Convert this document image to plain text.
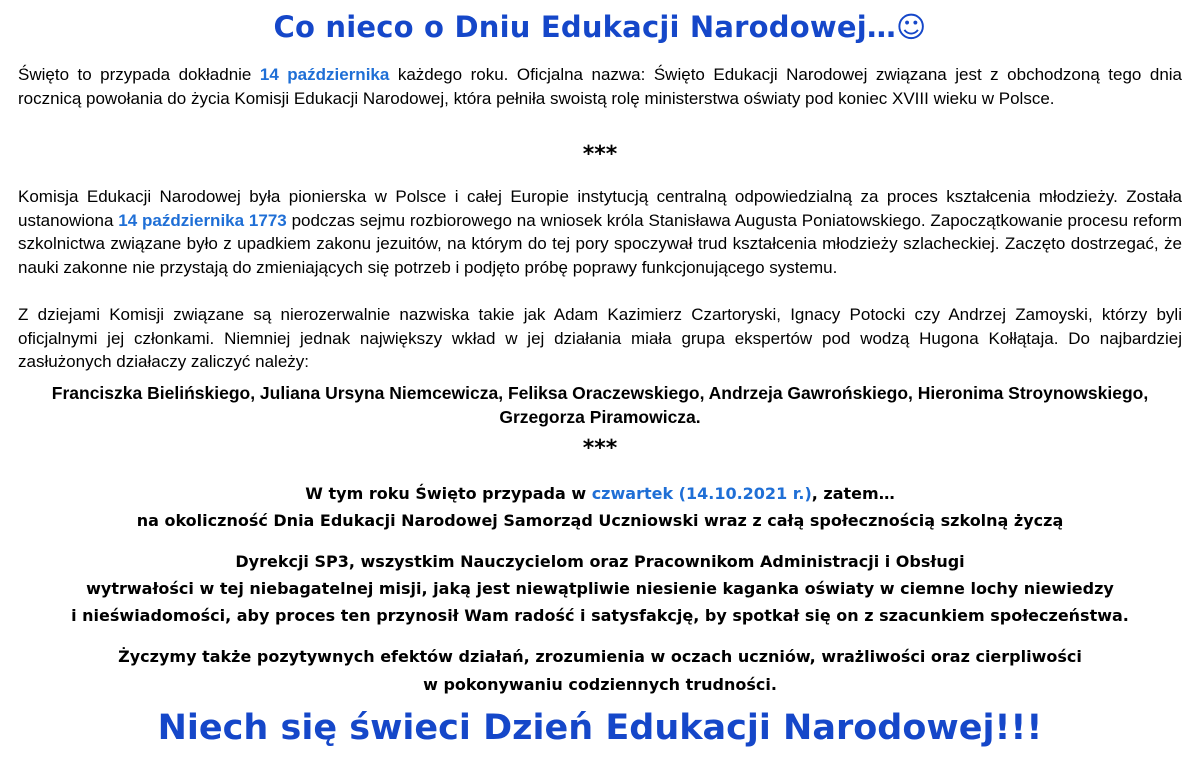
Co nieco o Dniu Edukacji Narodowej…☺
Święto to przypada dokładnie 14 października każdego roku. Oficjalna nazwa: Święto Edukacji Narodowej związana jest z obchodzoną tego dnia rocznicą powołania do życia Komisji Edukacji Narodowej, która pełniła swoistą rolę ministerstwa oświaty pod koniec XVIII wieku w Polsce.
***
Komisja Edukacji Narodowej była pionierska w Polsce i całej Europie instytucją centralną odpowiedzialną za proces kształcenia młodzieży. Została ustanowiona 14 października 1773 podczas sejmu rozbiorowego na wniosek króla Stanisława Augusta Poniatowskiego. Zapoczątkowanie procesu reform szkolnictwa związane było z upadkiem zakonu jezuitów, na którym do tej pory spoczywał trud kształcenia młodzieży szlacheckiej. Zaczęto dostrzegać, że nauki zakonne nie przystają do zmieniających się potrzeb i podjęto próbę poprawy funkcjonującego systemu.
Z dziejami Komisji związane są nierozerwalnie nazwiska takie jak Adam Kazimierz Czartoryski, Ignacy Potocki czy Andrzej Zamoyski, którzy byli oficjalnymi jej członkami. Niemniej jednak największy wkład w jej działania miała grupa ekspertów pod wodzą Hugona Kołłątaja. Do najbardziej zasłużonych działaczy zaliczyć należy:
Franciszka Bielińskiego, Juliana Ursyna Niemcewicza, Feliksa Oraczewskiego, Andrzeja Gawrońskiego, Hieronima Stroynowskiego, Grzegorza Piramowicza.
***
W tym roku Święto przypada w czwartek (14.10.2021 r.), zatem…
na okoliczność Dnia Edukacji Narodowej Samorząd Uczniowski wraz z całą społecznością szkolną życzą
Dyrekcji SP3, wszystkim Nauczycielom oraz Pracownikom Administracji i Obsługi
wytrwałości w tej niebagatelnej misji, jaką jest niewątpliwie niesienie kaganka oświaty w ciemne lochy niewiedzy
i nieświadomości, aby proces ten przynosił Wam radość i satysfakcję, by spotkał się on z szacunkiem społeczeństwa.
Życzymy także pozytywnych efektów działań, zrozumienia w oczach uczniów, wrażliwości oraz cierpliwości
w pokonywaniu codziennych trudności.
Niech się świeci Dzień Edukacji Narodowej!!!
